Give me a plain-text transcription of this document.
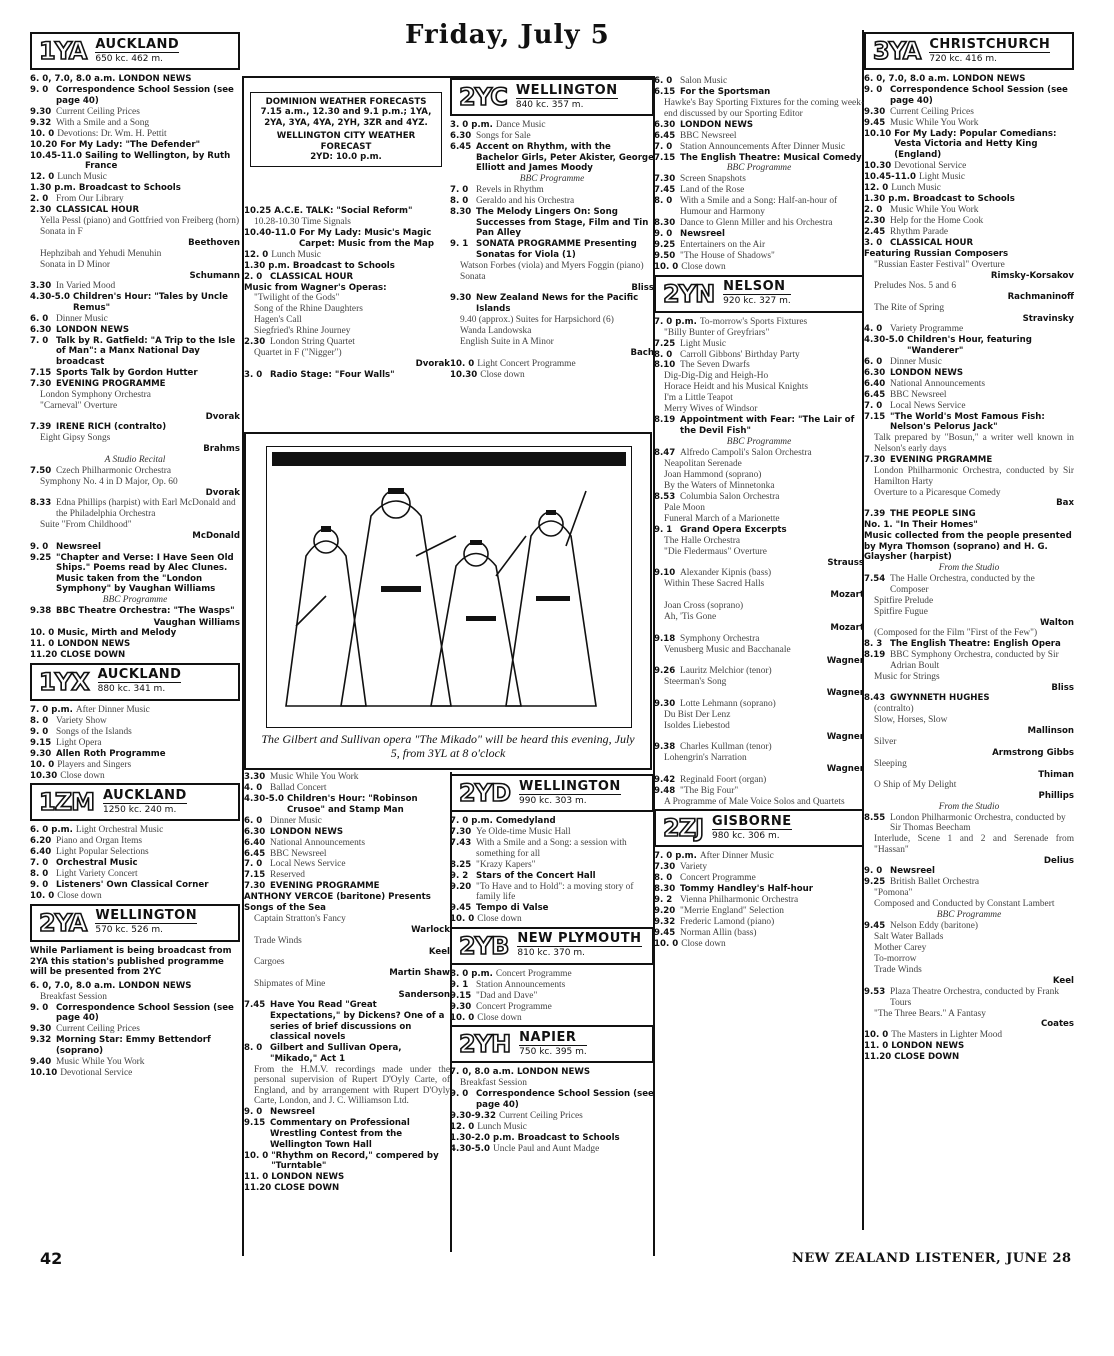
Friday, July 5
1YA AUCKLAND
650 kc. 462 m.
6. 0, 7.0, 8.0 a.m. LONDON NEWS
9. 0 Correspondence School Session (see page 40)
9.30 Current Ceiling Prices
9.32 With a Smile and a Song
10. 0 Devotions: Dr. Wm. H. Pettit
10.20 For My Lady: "The Defender"
10.45-11.0 Sailing to Wellington, by Ruth France
12. 0 Lunch Music
1.30 p.m. Broadcast to Schools
2. 0 From Our Library
2.30 CLASSICAL HOUR
Yella Pessl (piano) and Gottfried von Freiberg (horn)
Sonata in F
Beethoven
Hephzibah and Yehudi Menuhin
Sonata in D Minor
Schumann
3.30 In Varied Mood
4.30-5.0 Children's Hour: "Tales by Uncle Remus"
6. 0 Dinner Music
6.30 LONDON NEWS
7. 0 Talk by R. Gatfield: "A Trip to the Isle of Man": a Manx National Day broadcast
7.15 Sports Talk by Gordon Hutter
7.30 EVENING PROGRAMME
London Symphony Orchestra
"Carneval" Overture
Dvorak
7.39 IRENE RICH (contralto)
Eight Gipsy Songs
Brahms
A Studio Recital
7.50 Czech Philharmonic Orchestra
Symphony No. 4 in D Major, Op. 60
Dvorak
8.33 Edna Phillips (harpist) with Earl McDonald and the Philadelphia Orchestra
Suite "From Childhood"
McDonald
9. 0 Newsreel
9.25 "Chapter and Verse: I Have Seen Old Ships." Poems read by Alec Clunes. Music taken from the "London Symphony" by Vaughan Williams
BBC Programme
9.38 BBC Theatre Orchestra: "The Wasps"
Vaughan Williams
10. 0 Music, Mirth and Melody
11. 0 LONDON NEWS
11.20 CLOSE DOWN
1YX AUCKLAND
880 kc. 341 m.
7. 0 p.m. After Dinner Music
8. 0 Variety Show
9. 0 Songs of the Islands
9.15 Light Opera
9.30 Allen Roth Programme
10. 0 Players and Singers
10.30 Close down
1ZM AUCKLAND
1250 kc. 240 m.
6. 0 p.m. Light Orchestral Music
6.20 Piano and Organ Items
6.40 Light Popular Selections
7. 0 Orchestral Music
8. 0 Light Variety Concert
9. 0 Listeners' Own Classical Corner
10. 0 Close down
2YA WELLINGTON
570 kc. 526 m.
While Parliament is being broadcast from 2YA this station's published programme will be presented from 2YC
6. 0, 7.0, 8.0 a.m. LONDON NEWS
Breakfast Session
9. 0 Correspondence School Session (see page 40)
9.30 Current Ceiling Prices
9.32 Morning Star: Emmy Bettendorf (soprano)
9.40 Music While You Work
10.10 Devotional Service
DOMINION WEATHER FORECASTS
7.15 a.m., 12.30 and 9.1 p.m.; 1YA, 2YA, 3YA, 4YA, 2YH, 3ZR and 4YZ.
WELLINGTON CITY WEATHER FORECAST
2YD: 10.0 p.m.
10.25 A.C.E. TALK: "Social Reform"
10.28-10.30 Time Signals
10.40-11.0 For My Lady: Music's Magic Carpet: Music from the Map
12. 0 Lunch Music
1.30 p.m. Broadcast to Schools
2. 0 CLASSICAL HOUR
Music from Wagner's Operas:
"Twilight of the Gods"
Song of the Rhine Daughters
Hagen's Call
Siegfried's Rhine Journey
2.30 London String Quartet
Quartet in F ("Nigger")
Dvorak
3. 0 Radio Stage: "Four Walls"
2YC WELLINGTON
840 kc. 357 m.
3. 0 p.m. Dance Music
6.30 Songs for Sale
6.45 Accent on Rhythm, with the Bachelor Girls, Peter Akister, George Elliott and James Moody
BBC Programme
7. 0 Revels in Rhythm
8. 0 Geraldo and his Orchestra
8.30 The Melody Lingers On: Song Successes from Stage, Film and Tin Pan Alley
9. 1 SONATA PROGRAMME Presenting Sonatas for Viola (1)
Watson Forbes (viola) and Myers Foggin (piano)
Sonata
Bliss
9.30 New Zealand News for the Pacific Islands
9.40 (approx.) Suites for Harpsichord (6)
Wanda Landowska
English Suite in A Minor
Bach
10. 0 Light Concert Programme
10.30 Close down
The Gilbert and Sullivan opera "The Mikado" will be heard this evening, July 5, from 3YL at 8 o'clock
3.30 Music While You Work
4. 0 Ballad Concert
4.30-5.0 Children's Hour: "Robinson Crusoe" and Stamp Man
6. 0 Dinner Music
6.30 LONDON NEWS
6.40 National Announcements
6.45 BBC Newsreel
7. 0 Local News Service
7.15 Reserved
7.30 EVENING PROGRAMME
ANTHONY VERCOE (baritone) Presents Songs of the Sea
Captain Stratton's Fancy
Warlock
Trade Winds
Keel
Cargoes
Martin Shaw
Shipmates of Mine
Sanderson
7.45 Have You Read "Great Expectations," by Dickens? One of a series of brief discussions on classical novels
8. 0 Gilbert and Sullivan Opera, "Mikado," Act 1
From the H.M.V. recordings made under the personal supervision of Rupert D'Oyly Carte, of England, and by arrangement with Rupert D'Oyly Carte, London, and J. C. Williamson Ltd.
9. 0 Newsreel
9.15 Commentary on Professional Wrestling Contest from the Wellington Town Hall
10. 0 "Rhythm on Record," compered by "Turntable"
11. 0 LONDON NEWS
11.20 CLOSE DOWN
2YD WELLINGTON
990 kc. 303 m.
7. 0 p.m. Comedyland
7.30 Ye Olde-time Music Hall
7.43 With a Smile and a Song: a session with something for all
8.25 "Krazy Kapers"
9. 2 Stars of the Concert Hall
9.20 "To Have and to Hold": a moving story of family life
9.45 Tempo di Valse
10. 0 Close down
2YB NEW PLYMOUTH
810 kc. 370 m.
8. 0 p.m. Concert Programme
9. 1 Station Announcements
9.15 "Dad and Dave"
9.30 Concert Programme
10. 0 Close down
2YH NAPIER
750 kc. 395 m.
7. 0, 8.0 a.m. LONDON NEWS
Breakfast Session
9. 0 Correspondence School Session (see page 40)
9.30-9.32 Current Ceiling Prices
12. 0 Lunch Music
1.30-2.0 p.m. Broadcast to Schools
4.30-5.0 Uncle Paul and Aunt Madge
6. 0 Salon Music
6.15 For the Sportsman
Hawke's Bay Sporting Fixtures for the coming week-end discussed by our Sporting Editor
6.30 LONDON NEWS
6.45 BBC Newsreel
7. 0 Station Announcements After Dinner Music
7.15 The English Theatre: Musical Comedy
BBC Programme
7.30 Screen Snapshots
7.45 Land of the Rose
8. 0 With a Smile and a Song: Half-an-hour of Humour and Harmony
8.30 Dance to Glenn Miller and his Orchestra
9. 0 Newsreel
9.25 Entertainers on the Air
9.50 "The House of Shadows"
10. 0 Close down
2YN NELSON
920 kc. 327 m.
7. 0 p.m. To-morrow's Sports Fixtures
"Billy Bunter of Greyfriars"
7.25 Light Music
8. 0 Carroll Gibbons' Birthday Party
8.10 The Seven Dwarfs
Dig-Dig-Dig and Heigh-Ho
Horace Heidt and his Musical Knights
I'm a Little Teapot
Merry Wives of Windsor
8.19 Appointment with Fear: "The Lair of the Devil Fish"
BBC Programme
8.47 Alfredo Campoli's Salon Orchestra
Neapolitan Serenade
Joan Hammond (soprano)
By the Waters of Minnetonka
8.53 Columbia Salon Orchestra
Pale Moon
Funeral March of a Marionette
9. 1 Grand Opera Excerpts
The Halle Orchestra
"Die Fledermaus" Overture
Strauss
9.10 Alexander Kipnis (bass)
Within These Sacred Halls
Mozart
Joan Cross (soprano)
Ah, 'Tis Gone
Mozart
9.18 Symphony Orchestra
Venusberg Music and Bacchanale
Wagner
9.26 Lauritz Melchior (tenor)
Steerman's Song
Wagner
9.30 Lotte Lehmann (soprano)
Du Bist Der Lenz
Isoldes Liebestod
Wagner
9.38 Charles Kullman (tenor)
Lohengrin's Narration
Wagner
9.42 Reginald Foort (organ)
9.48 "The Big Four"
A Programme of Male Voice Solos and Quartets
2ZJ GISBORNE
980 kc. 306 m.
7. 0 p.m. After Dinner Music
7.30 Variety
8. 0 Concert Programme
8.30 Tommy Handley's Half-hour
9. 2 Vienna Philharmonic Orchestra
9.20 "Merrie England" Selection
9.32 Frederic Lamond (piano)
9.45 Norman Allin (bass)
10. 0 Close down
3YA CHRISTCHURCH
720 kc. 416 m.
6. 0, 7.0, 8.0 a.m. LONDON NEWS
9. 0 Correspondence School Session (see page 40)
9.30 Current Ceiling Prices
9.45 Music While You Work
10.10 For My Lady: Popular Comedians: Vesta Victoria and Hetty King (England)
10.30 Devotional Service
10.45-11.0 Light Music
12. 0 Lunch Music
1.30 p.m. Broadcast to Schools
2. 0 Music While You Work
2.30 Help for the Home Cook
2.45 Rhythm Parade
3. 0 CLASSICAL HOUR
Featuring Russian Composers
"Russian Easter Festival" Overture
Rimsky-Korsakov
Preludes Nos. 5 and 6
Rachmaninoff
The Rite of Spring
Stravinsky
4. 0 Variety Programme
4.30-5.0 Children's Hour, featuring "Wanderer"
6. 0 Dinner Music
6.30 LONDON NEWS
6.40 National Announcements
6.45 BBC Newsreel
7. 0 Local News Service
7.15 "The World's Most Famous Fish: Nelson's Pelorus Jack"
Talk prepared by "Bosun," a writer well known in Nelson's early days
7.30 EVENING PRGRAMME
London Philharmonic Orchestra, conducted by Sir Hamilton Harty
Overture to a Picaresque Comedy
Bax
7.39 THE PEOPLE SING
No. 1. "In Their Homes"
Music collected from the people presented by Myra Thomson (soprano) and H. G. Glaysher (harpist)
From the Studio
7.54 The Halle Orchestra, conducted by the Composer
Spitfire Prelude
Spitfire Fugue
Walton
(Composed for the Film "First of the Few")
8. 3 The English Theatre: English Opera
8.19 BBC Symphony Orchestra, conducted by Sir Adrian Boult
Music for Strings
Bliss
8.43 GWYNNETH HUGHES
(contralto)
Slow, Horses, Slow
Mallinson
Silver
Armstrong Gibbs
Sleeping
Thiman
O Ship of My Delight
Phillips
From the Studio
8.55 London Philharmonic Orchestra, conducted by Sir Thomas Beecham
Interlude, Scene 1 and 2 and Serenade from "Hassan"
Delius
9. 0 Newsreel
9.25 British Ballet Orchestra
"Pomona"
Composed and Conducted by Constant Lambert
BBC Programme
9.45 Nelson Eddy (baritone)
Salt Water Ballads
Mother Carey
To-morrow
Trade Winds
Keel
9.53 Plaza Theatre Orchestra, conducted by Frank Tours
"The Three Bears." A Fantasy
Coates
10. 0 The Masters in Lighter Mood
11. 0 LONDON NEWS
11.20 CLOSE DOWN
42	NEW ZEALAND LISTENER, JUNE 28
